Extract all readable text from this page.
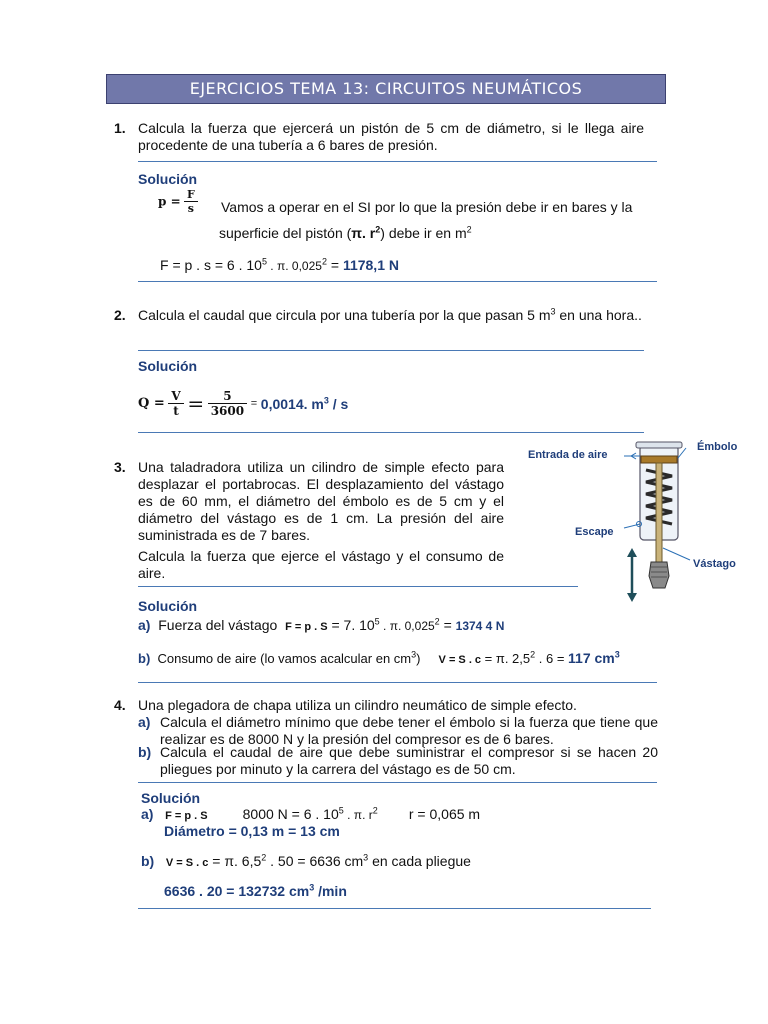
EJERCICIOS TEMA 13: CIRCUITOS NEUMÁTICOS
1. Calcula la fuerza que ejercerá un pistón de 5 cm de diámetro, si le llega aire procedente de una tubería a 6 bares de presión.
Solución
$p = \frac{F}{s}$ Vamos a operar en el SI por lo que la presión debe ir en bares y la
superficie del pistón (π. $r^2$) debe ir en $m^2$
F = p . s = 6 . $10^5$ . π. $0,025^2 = 1178,1$ N
2. Calcula el caudal que circula por una tubería por la que pasan 5 $m^3$ en una hora..
Solución
$Q = \frac{V}{t} = \frac{5}{3600} = 0,0014$. $m^3$ / s
3. Una taladradora utiliza un cilindro de simple efecto para desplazar el portabrocas. El desplazamiento del vástago es de 60 mm, el diámetro del émbolo es de 5 cm y el diámetro del vástago es de 1 cm. La presión del aire suministrada es de 7 bares.
Calcula la fuerza que ejerce el vástago y el consumo de aire.
Entrada de aire
Émbolo
Escape
Vástago
Solución
a) Fuerza del vástago F = p . S = 7. $10^5$ . π. $0,025^2 = 1374$ 4 N
b) Consumo de aire (lo vamos acalcular en $cm^3$) V = S . c = π. $2,5^2$ . 6 = 117 $cm^3$
4. Una plegadora de chapa utiliza un cilindro neumático de simple efecto.
a) Calcula el diámetro mínimo que debe tener el émbolo si la fuerza que tiene que realizar es de 8000 N y la presión del compresor es de 6 bares.
b) Calcula el caudal de aire que debe suministrar el compresor si se hacen 20 pliegues por minuto y la carrera del vástago es de 50 cm.
Solución
a) F = p . S	8000 N = 6 . $10^5$ . π. $r^2$ r = 0,065 m
Diámetro = 0,13 m = 13 cm
b) V = S . c = π. $6,5^2$ . 50 = 6636 $cm^3$ en cada pliegue
6636 . 20 = 132732 $cm^3$ /min
